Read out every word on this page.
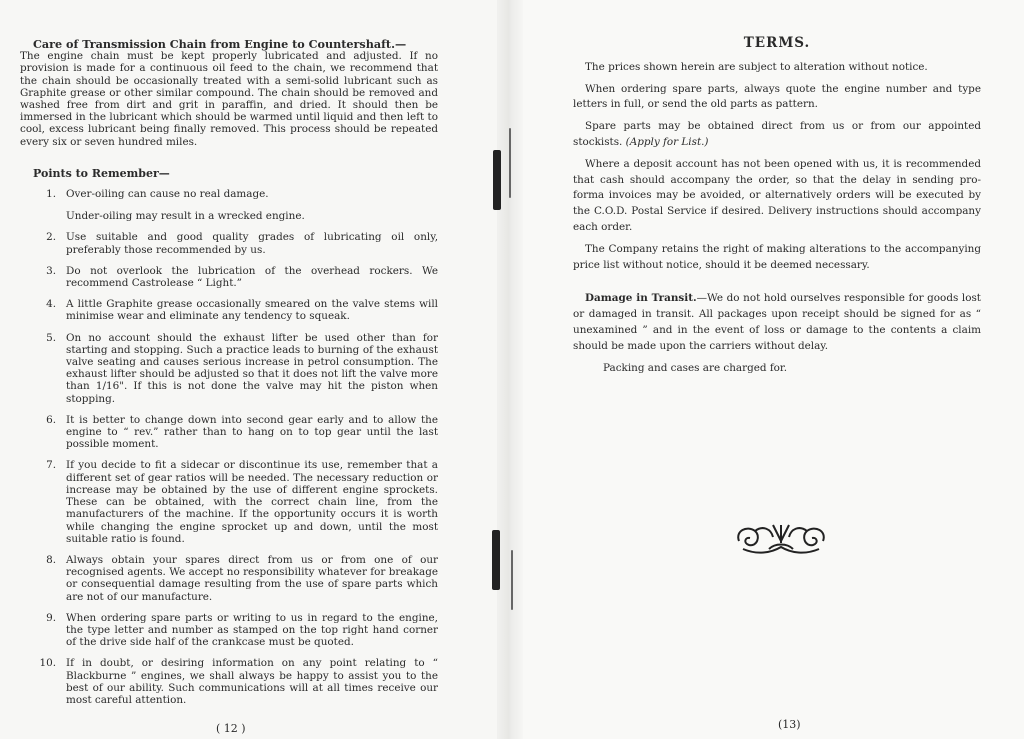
Care of Transmission Chain from Engine to Countershaft.—

The engine chain must be kept properly lubricated and adjusted. If no provision is made for a continuous oil feed to the chain, we recommend that the chain should be occasionally treated with a semi-solid lubricant such as Graphite grease or other similar compound. The chain should be removed and washed free from dirt and grit in paraffin, and dried. It should then be immersed in the lubricant which should be warmed until liquid and then left to cool, excess lubricant being finally removed. This process should be repeated every six or seven hundred miles.

Points to Remember—
1. Over-oiling can cause no real damage.

Under-oiling may result in a wrecked engine.

2. Use suitable and good quality grades of lubricating oil only, preferably those recommended by us.

3. Do not overlook the lubrication of the overhead rockers. We recommend Castrolease “ Light.”

4. A little Graphite grease occasionally smeared on the valve stems will minimise wear and eliminate any tendency to squeak.

5. On no account should the exhaust lifter be used other than for starting and stopping. Such a practice leads to burning of the exhaust valve seating and causes serious increase in petrol consumption. The exhaust lifter should be adjusted so that it does not lift the valve more than 1/16". If this is not done the valve may hit the piston when stopping.

6. It is better to change down into second gear early and to allow the engine to “ rev.” rather than to hang on to top gear until the last possible moment.

7. If you decide to fit a sidecar or discontinue its use, remember that a different set of gear ratios will be needed. The necessary reduction or increase may be obtained by the use of different engine sprockets. These can be obtained, with the correct chain line, from the manufacturers of the machine. If the opportunity occurs it is worth while changing the engine sprocket up and down, until the most suitable ratio is found.

8. Always obtain your spares direct from us or from one of our recognised agents. We accept no responsibility whatever for breakage or consequential damage resulting from the use of spare parts which are not of our manufacture.

9. When ordering spare parts or writing to us in regard to the engine, the type letter and number as stamped on the top right hand corner of the drive side half of the crankcase must be quoted.

10. If in doubt, or desiring information on any point relating to “ Blackburne ” engines, we shall always be happy to assist you to the best of our ability. Such communications will at all times receive our most careful attention.

( 12 )
TERMS.

The prices shown herein are subject to alteration without notice.

When ordering spare parts, always quote the engine number and type letters in full, or send the old parts as pattern.

Spare parts may be obtained direct from us or from our appointed stockists. (Apply for List.)

Where a deposit account has not been opened with us, it is recommended that cash should accompany the order, so that the delay in sending pro-forma invoices may be avoided, or alternatively orders will be executed by the C.O.D. Postal Service if desired. Delivery instructions should accompany each order.

The Company retains the right of making alterations to the accompanying price list without notice, should it be deemed necessary.

Damage in Transit.—We do not hold ourselves responsible for goods lost or damaged in transit. All packages upon receipt should be signed for as “ unexamined ” and in the event of loss or damage to the contents a claim should be made upon the carriers without delay.

Packing and cases are charged for.

(13)
